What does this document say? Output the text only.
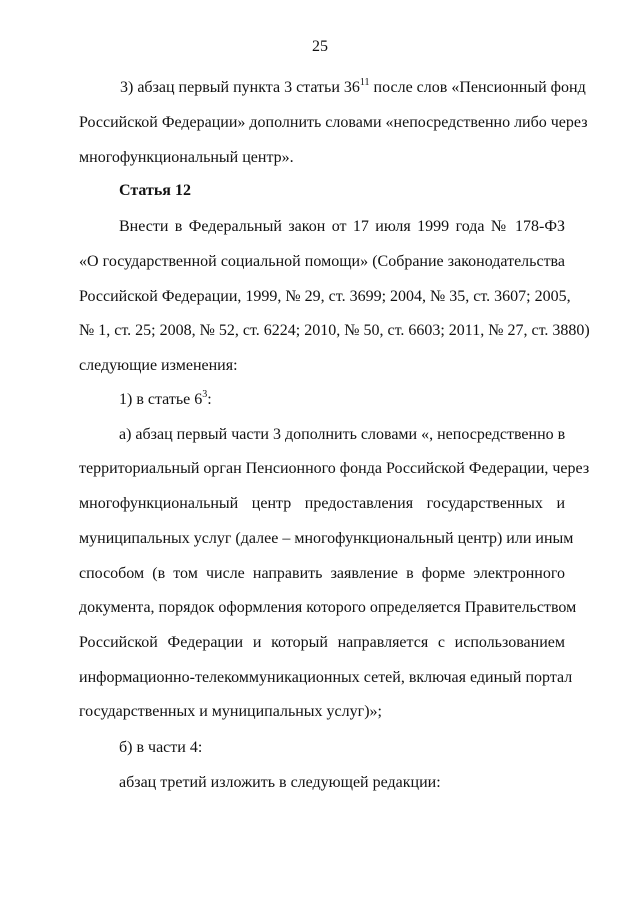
25
3) абзац первый пункта 3 статьи $36^{11}$ после слов «Пенсионный фонд
Российской Федерации» дополнить словами «непосредственно либо через
многофункциональный центр».
Статья 12
Внести в Федеральный закон от 17 июля 1999 года № 178-ФЗ
«О государственной социальной помощи» (Собрание законодательства
Российской Федерации, 1999, № 29, ст. 3699; 2004, № 35, ст. 3607; 2005,
№ 1, ст. 25; 2008, № 52, ст. 6224; 2010, № 50, ст. 6603; 2011, № 27, ст. 3880)
следующие изменения:
1) в статье $6^3$:
а) абзац первый части 3 дополнить словами «, непосредственно в
территориальный орган Пенсионного фонда Российской Федерации, через
многофункциональный центр предоставления государственных и
муниципальных услуг (далее – многофункциональный центр) или иным
способом (в том числе направить заявление в форме электронного
документа, порядок оформления которого определяется Правительством
Российской Федерации и который направляется с использованием
информационно-телекоммуникационных сетей, включая единый портал
государственных и муниципальных услуг)»;
б) в части 4:
абзац третий изложить в следующей редакции:
